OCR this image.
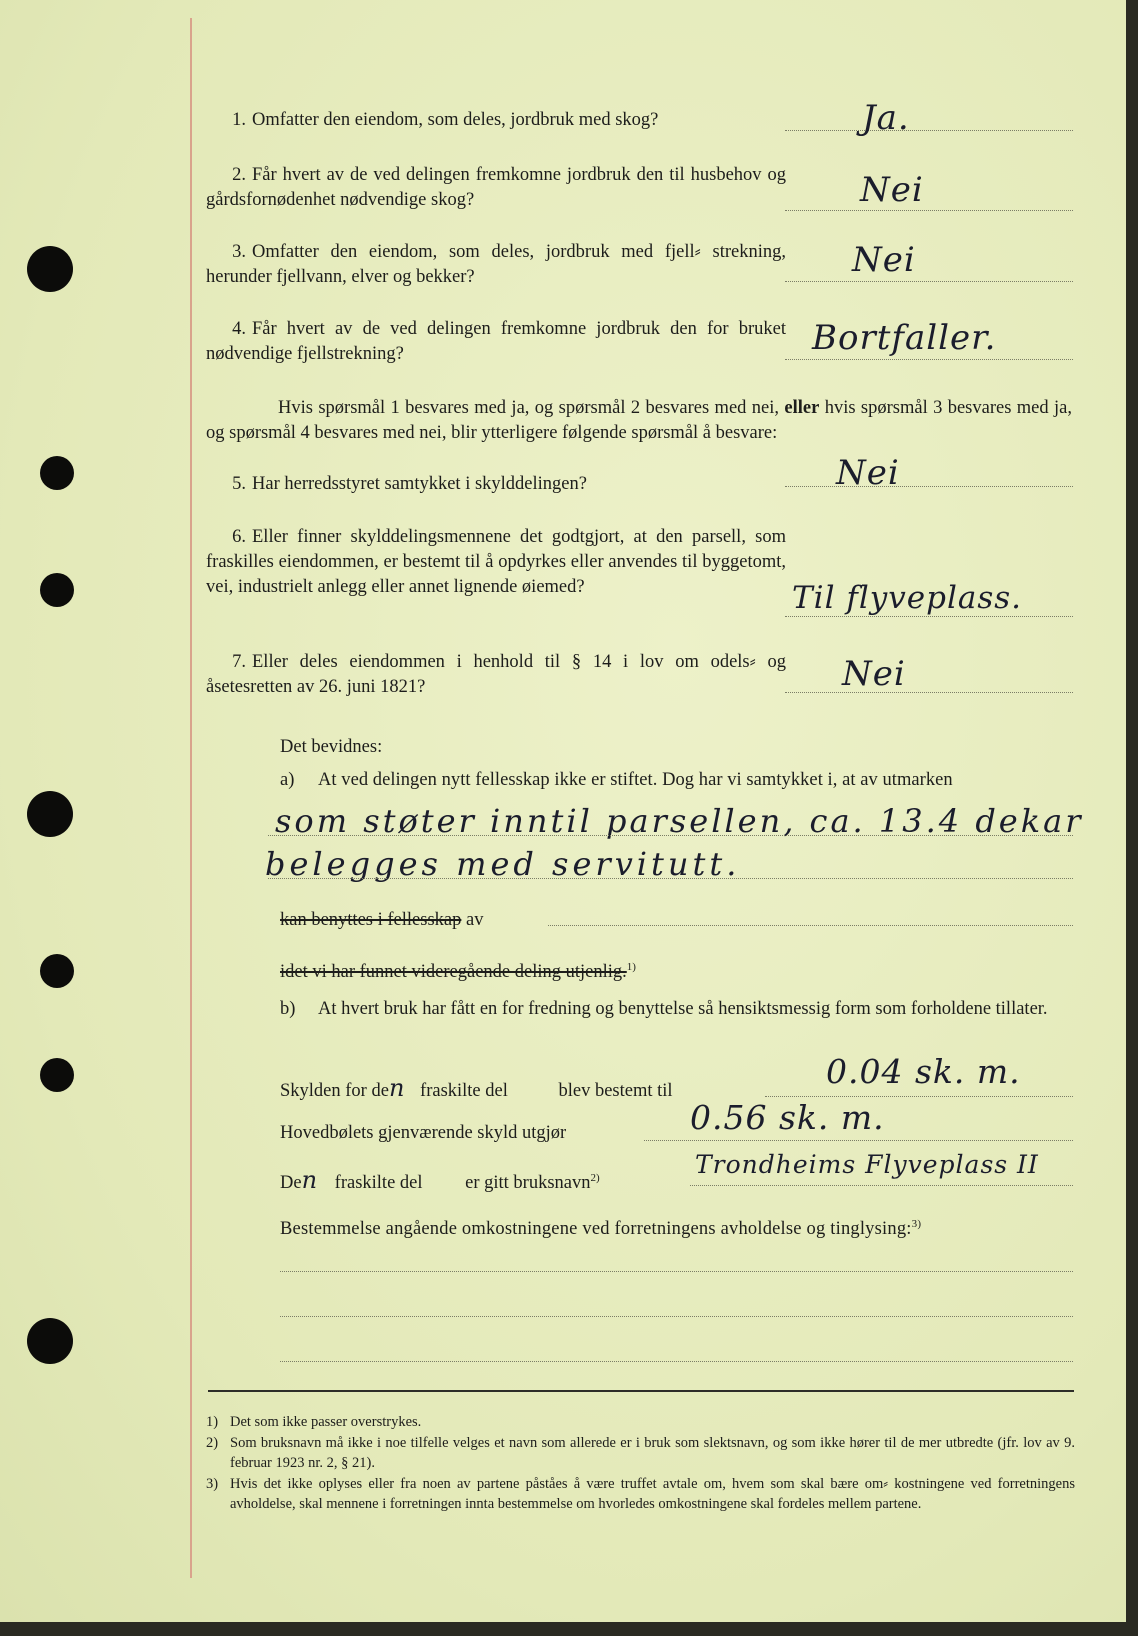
1. Omfatter den eiendom, som deles, jordbruk med skog?	Ja.

2. Får hvert av de ved delingen fremkomne jordbruk den til husbehov og gårdsfornødenhet nødvendige skog?	Nei

3. Omfatter den eiendom, som deles, jordbruk med fjell⸗ strekning, herunder fjellvann, elver og bekker?	Nei

4. Får hvert av de ved delingen fremkomne jordbruk den for bruket nødvendige fjellstrekning?	Bortfaller.
Hvis spørsmål 1 besvares med ja, og spørsmål 2 besvares med nei, eller hvis spørsmål 3 besvares med ja, og spørsmål 4 besvares med nei, blir ytterligere følgende spørsmål å besvare:

5. Har herredsstyret samtykket i skylddelingen?	Nei

6. Eller finner skylddelingsmennene det godtgjort, at den parsell, som fraskilles eiendommen, er bestemt til å opdyrkes eller anvendes til byggetomt, vei, industrielt anlegg eller annet lignende øiemed?	Til flyveplass.

7. Eller deles eiendommen i henhold til § 14 i lov om odels⸗ og åsetesretten av 26. juni 1821?	Nei
Det bevidnes:
a) At ved delingen nytt fellesskap ikke er stiftet. Dog har vi samtykket i, at av utmarken
som støter inntil parsellen, ca. 13.4 dekar
belegges med servitutt.
kan benyttes i fellesskap av
idet vi har funnet videregående deling utjenlig.$^{1)}$
b)	At hvert bruk har fått en for fredning og benyttelse så hensiktsmessig form som forholdene tillater.
Skylden for den fraskilte del	blev bestemt til	0.04 sk. m.
Hovedbølets gjenværende skyld utgjør	0.56 sk. m.
Den fraskilte del er gitt bruksnavn$^{2)}$	Trondheims Flyveplass II
Bestemmelse angående omkostningene ved forretningens avholdelse og tinglysing:$^{3)}$
1) Det som ikke passer overstrykes.
2) Som bruksnavn må ikke i noe tilfelle velges et navn som allerede er i bruk som slektsnavn, og som ikke hører til de mer utbredte (jfr. lov av 9. februar 1923 nr. 2, § 21).
3) Hvis det ikke oplyses eller fra noen av partene påståes å være truffet avtale om, hvem som skal bære om⸗ kostningene ved forretningens avholdelse, skal mennene i forretningen innta bestemmelse om hvorledes omkostningene skal fordeles mellem partene.
